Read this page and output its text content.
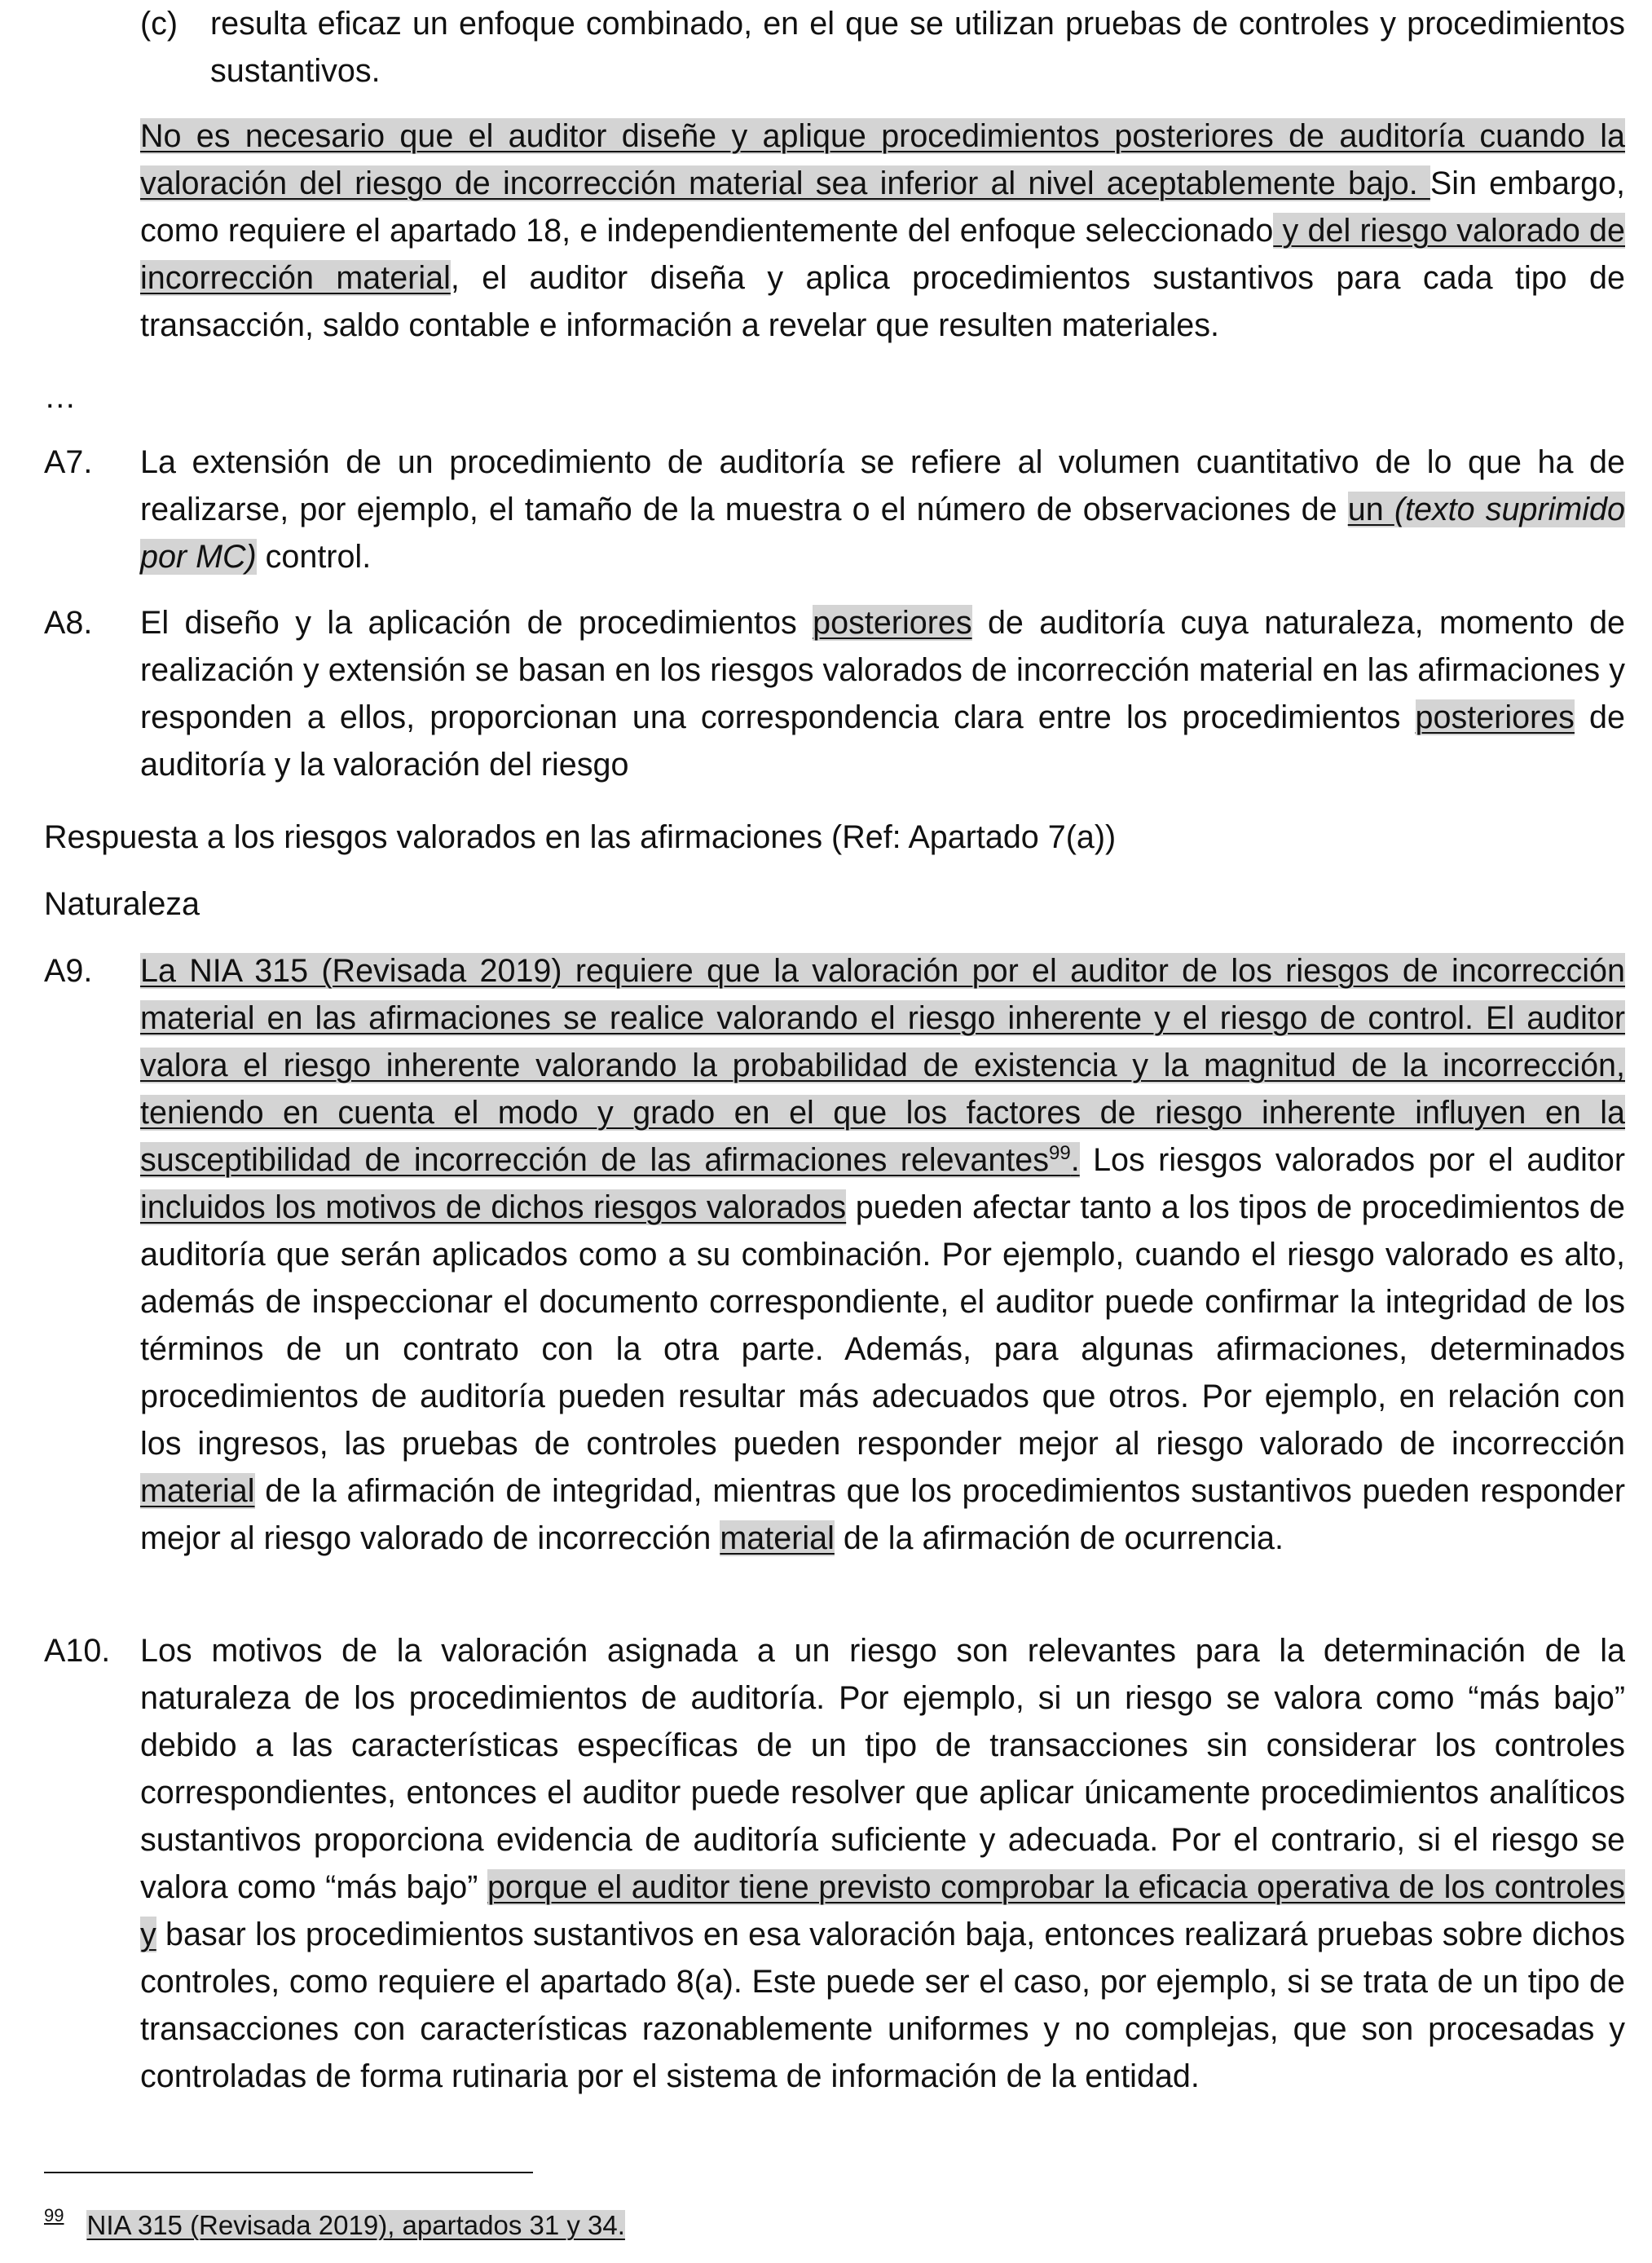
(c) resulta eficaz un enfoque combinado, en el que se utilizan pruebas de controles y procedimientos sustantivos.
No es necesario que el auditor diseñe y aplique procedimientos posteriores de auditoría cuando la valoración del riesgo de incorrección material sea inferior al nivel aceptablemente bajo. Sin embargo, como requiere el apartado 18, e independientemente del enfoque seleccionado y del riesgo valorado de incorrección material, el auditor diseña y aplica procedimientos sustantivos para cada tipo de transacción, saldo contable e información a revelar que resulten materiales.
…
A7. La extensión de un procedimiento de auditoría se refiere al volumen cuantitativo de lo que ha de realizarse, por ejemplo, el tamaño de la muestra o el número de observaciones de un (texto suprimido por MC) control.
A8. El diseño y la aplicación de procedimientos posteriores de auditoría cuya naturaleza, momento de realización y extensión se basan en los riesgos valorados de incorrección material en las afirmaciones y responden a ellos, proporcionan una correspondencia clara entre los procedimientos posteriores de auditoría y la valoración del riesgo
Respuesta a los riesgos valorados en las afirmaciones (Ref: Apartado 7(a))
Naturaleza
A9. La NIA 315 (Revisada 2019) requiere que la valoración por el auditor de los riesgos de incorrección material en las afirmaciones se realice valorando el riesgo inherente y el riesgo de control. El auditor valora el riesgo inherente valorando la probabilidad de existencia y la magnitud de la incorrección, teniendo en cuenta el modo y grado en el que los factores de riesgo inherente influyen en la susceptibilidad de incorrección de las afirmaciones relevantes$^{99}$. Los riesgos valorados por el auditor incluidos los motivos de dichos riesgos valorados pueden afectar tanto a los tipos de procedimientos de auditoría que serán aplicados como a su combinación. Por ejemplo, cuando el riesgo valorado es alto, además de inspeccionar el documento correspondiente, el auditor puede confirmar la integridad de los términos de un contrato con la otra parte. Además, para algunas afirmaciones, determinados procedimientos de auditoría pueden resultar más adecuados que otros. Por ejemplo, en relación con los ingresos, las pruebas de controles pueden responder mejor al riesgo valorado de incorrección material de la afirmación de integridad, mientras que los procedimientos sustantivos pueden responder mejor al riesgo valorado de incorrección material de la afirmación de ocurrencia.
A10. Los motivos de la valoración asignada a un riesgo son relevantes para la determinación de la naturaleza de los procedimientos de auditoría. Por ejemplo, si un riesgo se valora como “más bajo” debido a las características específicas de un tipo de transacciones sin considerar los controles correspondientes, entonces el auditor puede resolver que aplicar únicamente procedimientos analíticos sustantivos proporciona evidencia de auditoría suficiente y adecuada. Por el contrario, si el riesgo se valora como “más bajo” porque el auditor tiene previsto comprobar la eficacia operativa de los controles y basar los procedimientos sustantivos en esa valoración baja, entonces realizará pruebas sobre dichos controles, como requiere el apartado 8(a). Este puede ser el caso, por ejemplo, si se trata de un tipo de transacciones con características razonablemente uniformes y no complejas, que son procesadas y controladas de forma rutinaria por el sistema de información de la entidad.
$^{99}$ NIA 315 (Revisada 2019), apartados 31 y 34.
